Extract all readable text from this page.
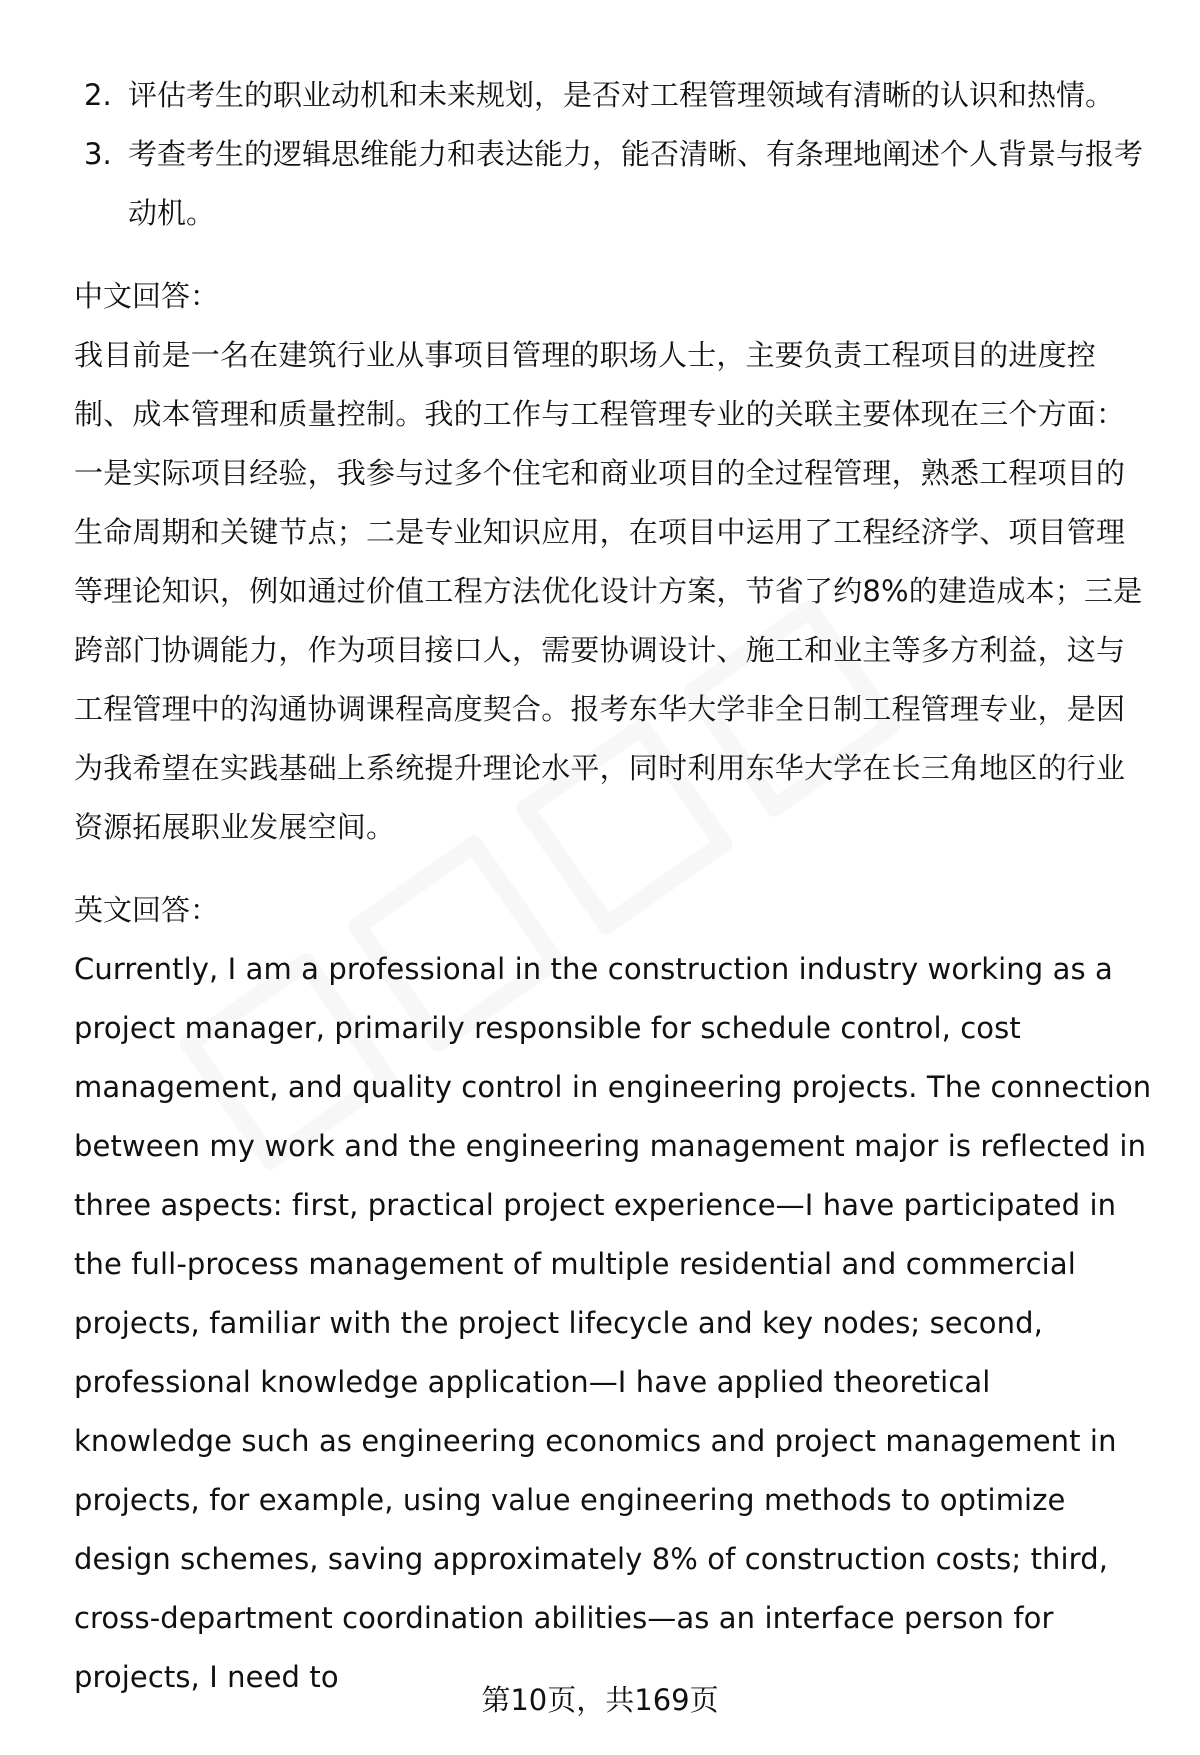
2. 评估考生的职业动机和未来规划，是否对工程管理领域有清晰的认识和热情。
3. 考查考生的逻辑思维能力和表达能力，能否清晰、有条理地阐述个人背景与报考动机。
中文回答：
我目前是一名在建筑行业从事项目管理的职场人士，主要负责工程项目的进度控制、成本管理和质量控制。我的工作与工程管理专业的关联主要体现在三个方面：一是实际项目经验，我参与过多个住宅和商业项目的全过程管理，熟悉工程项目的生命周期和关键节点；二是专业知识应用，在项目中运用了工程经济学、项目管理等理论知识，例如通过价值工程方法优化设计方案，节省了约8%的建造成本；三是跨部门协调能力，作为项目接口人，需要协调设计、施工和业主等多方利益，这与工程管理中的沟通协调课程高度契合。报考东华大学非全日制工程管理专业，是因为我希望在实践基础上系统提升理论水平，同时利用东华大学在长三角地区的行业资源拓展职业发展空间。
英文回答：
Currently, I am a professional in the construction industry working as a project manager, primarily responsible for schedule control, cost management, and quality control in engineering projects. The connection between my work and the engineering management major is reflected in three aspects: first, practical project experience—I have participated in the full-process management of multiple residential and commercial projects, familiar with the project lifecycle and key nodes; second, professional knowledge application—I have applied theoretical knowledge such as engineering economics and project management in projects, for example, using value engineering methods to optimize design schemes, saving approximately 8% of construction costs; third, cross-department coordination abilities—as an interface person for projects, I need to
第10页，共169页
